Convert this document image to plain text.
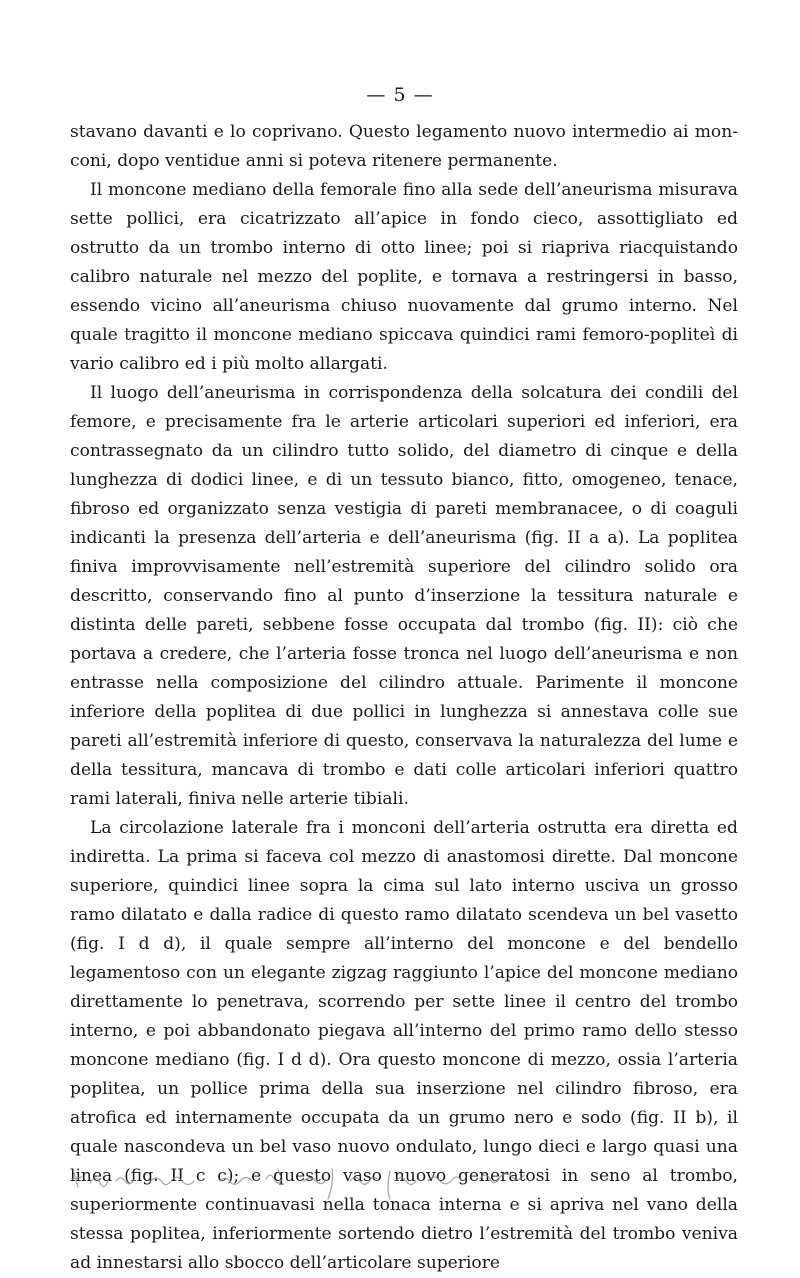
— 5 —

stavano davanti e lo coprivano. Questo legamento nuovo intermedio ai monconi, dopo ventidue anni si poteva ritenere permanente.

Il moncone mediano della femorale fino alla sede dell’aneurisma misurava sette pollici, era cicatrizzato all’apice in fondo cieco, assottigliato ed ostrutto da un trombo interno di otto linee; poi si riapriva riacquistando calibro naturale nel mezzo del poplite, e tornava a restringersi in basso, essendo vicino all’aneurisma chiuso nuovamente dal grumo interno. Nel quale tragitto il moncone mediano spiccava quindici rami femoro-popliteì di vario calibro ed i più molto allargati.

Il luogo dell’aneurisma in corrispondenza della solcatura dei condili del femore, e precisamente fra le arterie articolari superiori ed inferiori, era contrassegnato da un cilindro tutto solido, del diametro di cinque e della lunghezza di dodici linee, e di un tessuto bianco, fitto, omogeneo, tenace, fibroso ed organizzato senza vestigia di pareti membranacee, o di coaguli indicanti la presenza dell’arteria e dell’aneurisma (fig. II a a). La poplitea finiva improvvisamente nell’estremità superiore del cilindro solido ora descritto, conservando fino al punto d’inserzione la tessitura naturale e distinta delle pareti, sebbene fosse occupata dal trombo (fig. II): ciò che portava a credere, che l’arteria fosse tronca nel luogo dell’aneurisma e non entrasse nella composizione del cilindro attuale. Parimente il moncone inferiore della poplitea di due pollici in lunghezza si annestava colle sue pareti all’estremità inferiore di questo, conservava la naturalezza del lume e della tessitura, mancava di trombo e dati colle articolari inferiori quattro rami laterali, finiva nelle arterie tibiali.

La circolazione laterale fra i monconi dell’arteria ostrutta era diretta ed indiretta. La prima si faceva col mezzo di anastomosi dirette. Dal moncone superiore, quindici linee sopra la cima sul lato interno usciva un grosso ramo dilatato e dalla radice di questo ramo dilatato scendeva un bel vasetto (fig. I d d), il quale sempre all’interno del moncone e del bendello legamentoso con un elegante zigzag raggiunto l’apice del moncone mediano direttamente lo penetrava, scorrendo per sette linee il centro del trombo interno, e poi abbandonato piegava all’interno del primo ramo dello stesso moncone mediano (fig. I d d). Ora questo moncone di mezzo, ossia l’arteria poplitea, un pollice prima della sua inserzione nel cilindro fibroso, era atrofica ed internamente occupata da un grumo nero e sodo (fig. II b), il quale nascondeva un bel vaso nuovo ondulato, lungo dieci e largo quasi una linea (fig. II c c); e questo vaso nuovo generatosi in seno al trombo, superiormente continuavasi nella tonaca interna e si apriva nel vano della stessa poplitea, inferiormente sortendo dietro l’estremità del trombo veniva ad innestarsi allo sbocco dell’articolare superiore
